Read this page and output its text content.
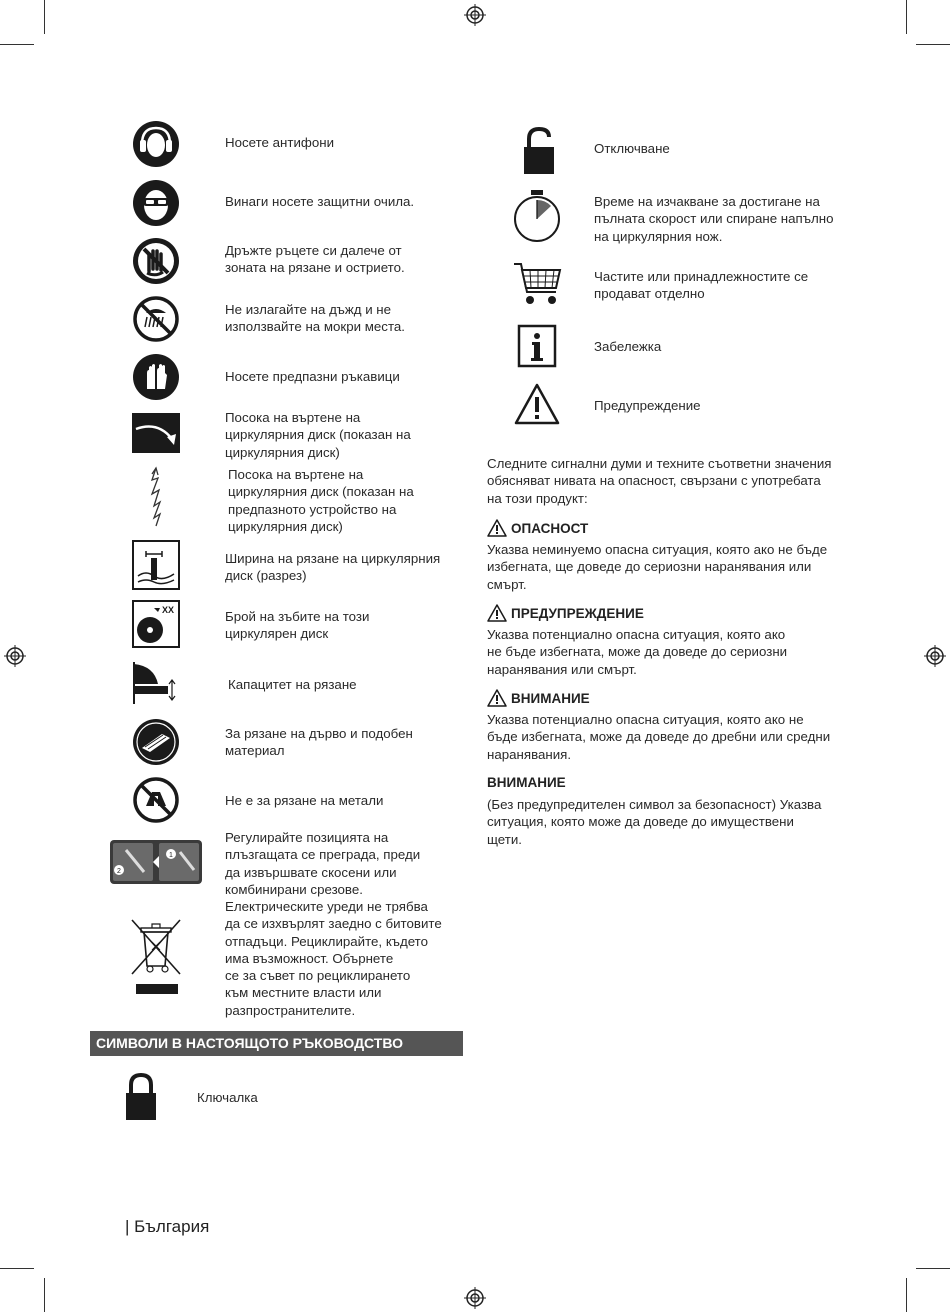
XX
2
1
Носете антифони
Винаги носете защитни очила.
Дръжте ръцете си далече от
зоната на рязане и острието.
Не излагайте на дъжд и не
използвайте на мокри места.
Носете предпазни ръкавици
Посока на въртене на
циркулярния диск (показан на
циркулярния диск)
Посока на въртене на
циркулярния диск (показан на
предпазното устройство на
циркулярния диск)
Ширина на рязане на циркулярния
диск (разрез)
Брой на зъбите на този
циркулярен диск
Капацитет на рязане
За рязане на дърво и подобен
материал
Не е за рязане на метали
Регулирайте позицията на
плъзгащата се преграда, преди
да извършвате скосени или
комбинирани срезове.
Електрическите уреди не трябва
да се изхвърлят заедно с битовите
отпадъци. Рециклирайте, където
има възможност. Обърнете
се за съвет по рециклирането
към местните власти или
разпространителите.
СИМВОЛИ В НАСТОЯЩОТО РЪКОВОДСТВО
Ключалка
Отключване
Време на изчакване за достигане на
пълната скорост или спиране напълно
на циркулярния нож.
Частите или принадлежностите се
продават отделно
Забележка
Предупреждение
Следните сигнални думи и техните съответни значения
обясняват нивата на опасност, свързани с употребата
на този продукт:
ОПАСНОСТ
Указва неминуемо опасна ситуация, която ако не бъде
избегната, ще доведе до сериозни наранявания или
смърт.
ПРЕДУПРЕЖДЕНИЕ
Указва потенциално опасна ситуация, която ако
не бъде избегната, може да доведе до сериозни
наранявания или смърт.
ВНИМАНИЕ
Указва потенциално опасна ситуация, която ако не
бъде избегната, може да доведе до дребни или средни
наранявания.
ВНИМАНИЕ
(Без предупредителен символ за безопасност) Указва
ситуация, която може да доведе до имуществени
щети.
| България
